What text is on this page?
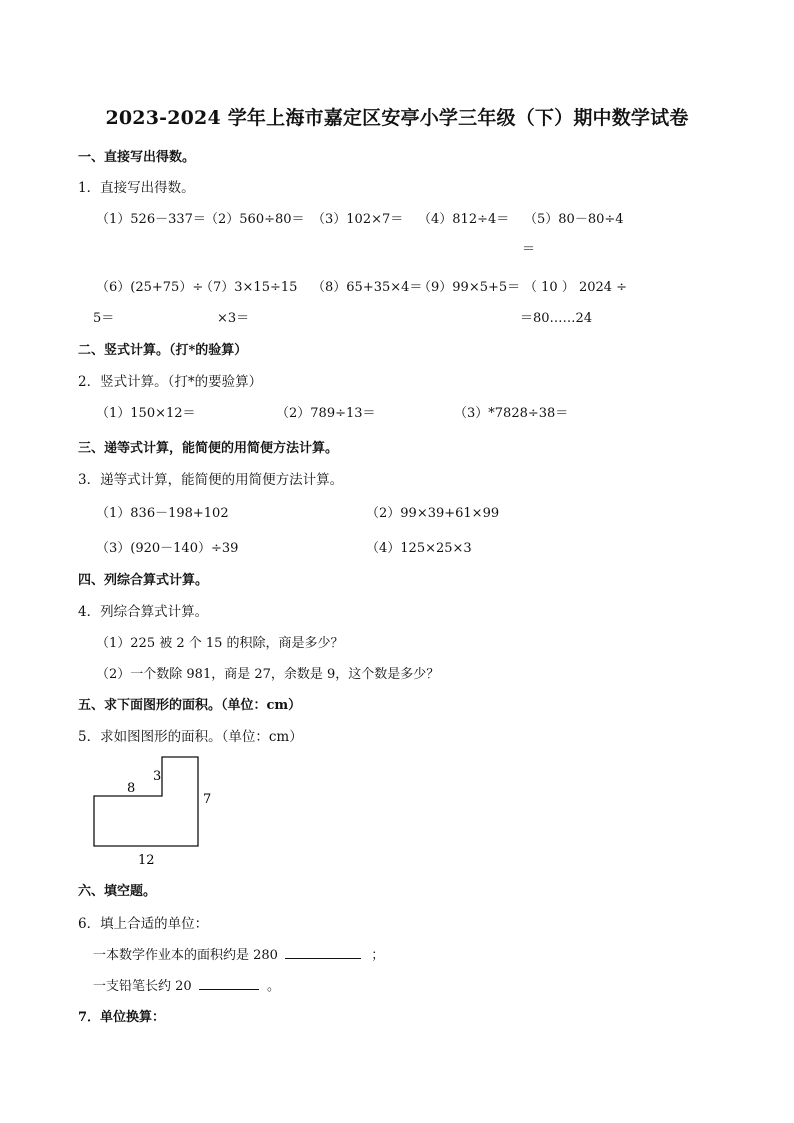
2023-2024 学年上海市嘉定区安亭小学三年级（下）期中数学试卷
一、直接写出得数。
1．直接写出得数。
（1）526－337＝ （2）560÷80＝ （3）102×7＝ （4）812÷4＝ （5）80－80÷4
＝
（6）(25+75）÷
（7）3×15÷15 （8）65+35×4＝
（9）99×5+5＝ （ 10 ） 2024 ÷
5＝	×3＝	＝80……24
二、竖式计算。（打*的验算）
2．竖式计算。（打*的要验算）
（1）150×12＝	（2）789÷13＝	（3）*7828÷38＝
三、递等式计算，能简便的用简便方法计算。
3．递等式计算，能简便的用简便方法计算。
（1）836－198+102	（2）99×39+61×99
（3）(920－140）÷39	（4）125×25×3
四、列综合算式计算。
4．列综合算式计算。
（1）225 被 2 个 15 的积除，商是多少？
（2）一个数除 981，商是 27，余数是 9，这个数是多少？
五、求下面图形的面积。（单位：cm）
5．求如图图形的面积。（单位：cm）
3
8
7
12
六、填空题。
6．填上合适的单位：
一本数学作业本的面积约是 280	；
一支铅笔长约 20	。
7．单位换算：
